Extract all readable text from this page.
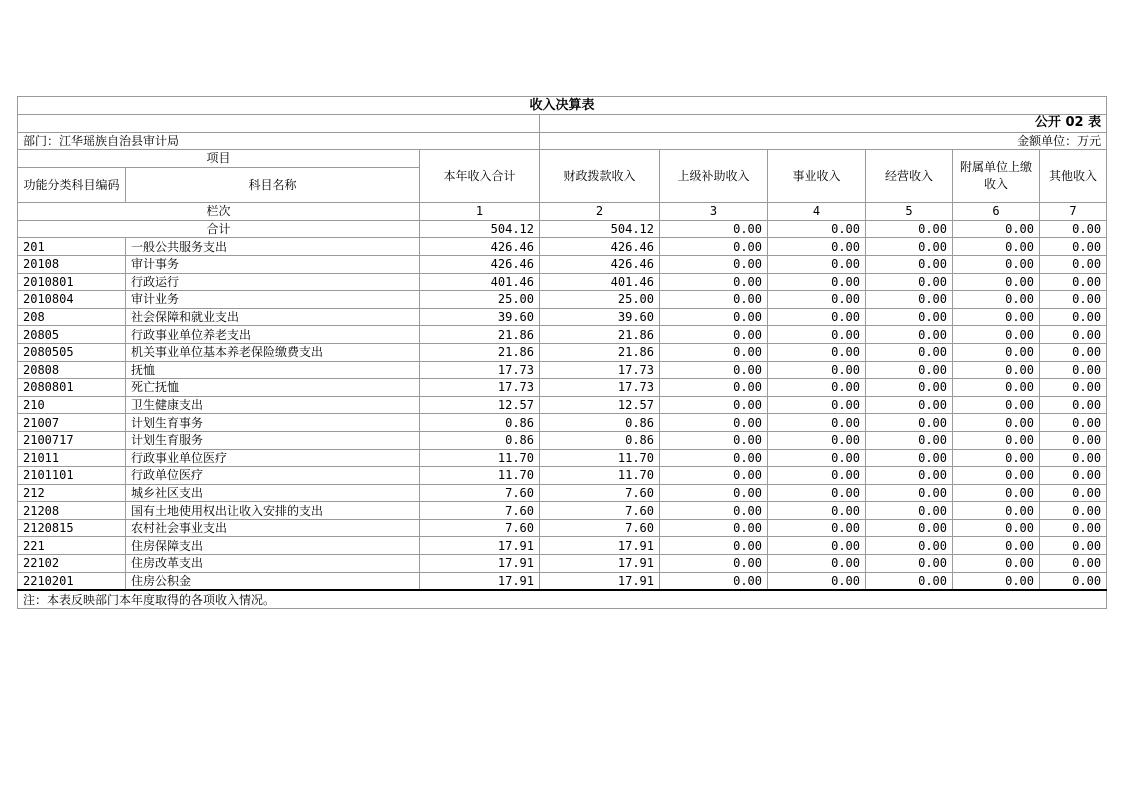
收入决算表								
			公开 02 表					
部门：江华瑶族自治县审计局			金额单位：万元					
项目		本年收入合计	财政拨款收入	上级补助收入	事业收入	经营收入	附属单位上缴收入	其他收入
功能分类科目编码	科目名称							
栏次		1	2	3	4	5	6	7
合计		504.12	504.12	0.00	0.00	0.00	0.00	0.00
201	一般公共服务支出	426.46	426.46	0.00	0.00	0.00	0.00	0.00
20108	审计事务	426.46	426.46	0.00	0.00	0.00	0.00	0.00
2010801	行政运行	401.46	401.46	0.00	0.00	0.00	0.00	0.00
2010804	审计业务	25.00	25.00	0.00	0.00	0.00	0.00	0.00
208	社会保障和就业支出	39.60	39.60	0.00	0.00	0.00	0.00	0.00
20805	行政事业单位养老支出	21.86	21.86	0.00	0.00	0.00	0.00	0.00
2080505	机关事业单位基本养老保险缴费支出	21.86	21.86	0.00	0.00	0.00	0.00	0.00
20808	抚恤	17.73	17.73	0.00	0.00	0.00	0.00	0.00
2080801	死亡抚恤	17.73	17.73	0.00	0.00	0.00	0.00	0.00
210	卫生健康支出	12.57	12.57	0.00	0.00	0.00	0.00	0.00
21007	计划生育事务	0.86	0.86	0.00	0.00	0.00	0.00	0.00
2100717	计划生育服务	0.86	0.86	0.00	0.00	0.00	0.00	0.00
21011	行政事业单位医疗	11.70	11.70	0.00	0.00	0.00	0.00	0.00
2101101	行政单位医疗	11.70	11.70	0.00	0.00	0.00	0.00	0.00
212	城乡社区支出	7.60	7.60	0.00	0.00	0.00	0.00	0.00
21208	国有土地使用权出让收入安排的支出	7.60	7.60	0.00	0.00	0.00	0.00	0.00
2120815	农村社会事业支出	7.60	7.60	0.00	0.00	0.00	0.00	0.00
221	住房保障支出	17.91	17.91	0.00	0.00	0.00	0.00	0.00
22102	住房改革支出	17.91	17.91	0.00	0.00	0.00	0.00	0.00
2210201	住房公积金	17.91	17.91	0.00	0.00	0.00	0.00	0.00
注：本表反映部门本年度取得的各项收入情况。								
